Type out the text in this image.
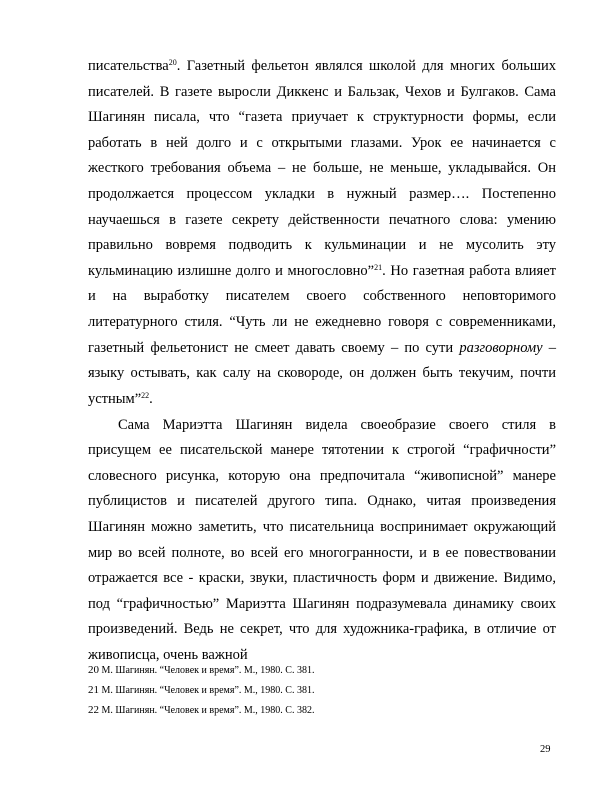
писательства$^{20}$. Газетный фельетон являлся школой для многих больших писателей. В газете выросли Диккенс и Бальзак, Чехов и Булгаков. Сама Шагинян писала, что “газета приучает к структурности формы, если работать в ней долго и с открытыми глазами. Урок ее начинается с жесткого требования объема – не больше, не меньше, укладывайся. Он продолжается процессом укладки в нужный размер…. Постепенно научаешься в газете секрету действенности печатного слова: умению правильно вовремя подводить к кульминации и не мусолить эту кульминацию излишне долго и многословно”$^{21}$. Но газетная работа влияет и на выработку писателем своего собственного неповторимого литературного стиля. “Чуть ли не ежедневно говоря с современниками, газетный фельетонист не смеет давать своему – по сути разговорному – языку остывать, как салу на сковороде, он должен быть текучим, почти устным”$^{22}$.

Сама Мариэтта Шагинян видела своеобразие своего стиля в присущем ее писательской манере тятотении к строгой “графичности” словесного рисунка, которую она предпочитала “живописной” манере публицистов и писателей другого типа. Однако, читая произведения Шагинян можно заметить, что писательница воспринимает окружающий мир во всей полноте, во всей его многогранности, и в ее повествовании отражается все - краски, звуки, пластичность форм и движение. Видимо, под “графичностью” Мариэтта Шагинян подразумевала динамику своих произведений. Ведь не секрет, что для художника-графика, в отличие от живописца, очень важной

20 М. Шагинян. “Человек и время”. М., 1980. С. 381.
21 М. Шагинян. “Человек и время”. М., 1980. С. 381.
22 М. Шагинян. “Человек и время”. М., 1980. С. 382.
29
